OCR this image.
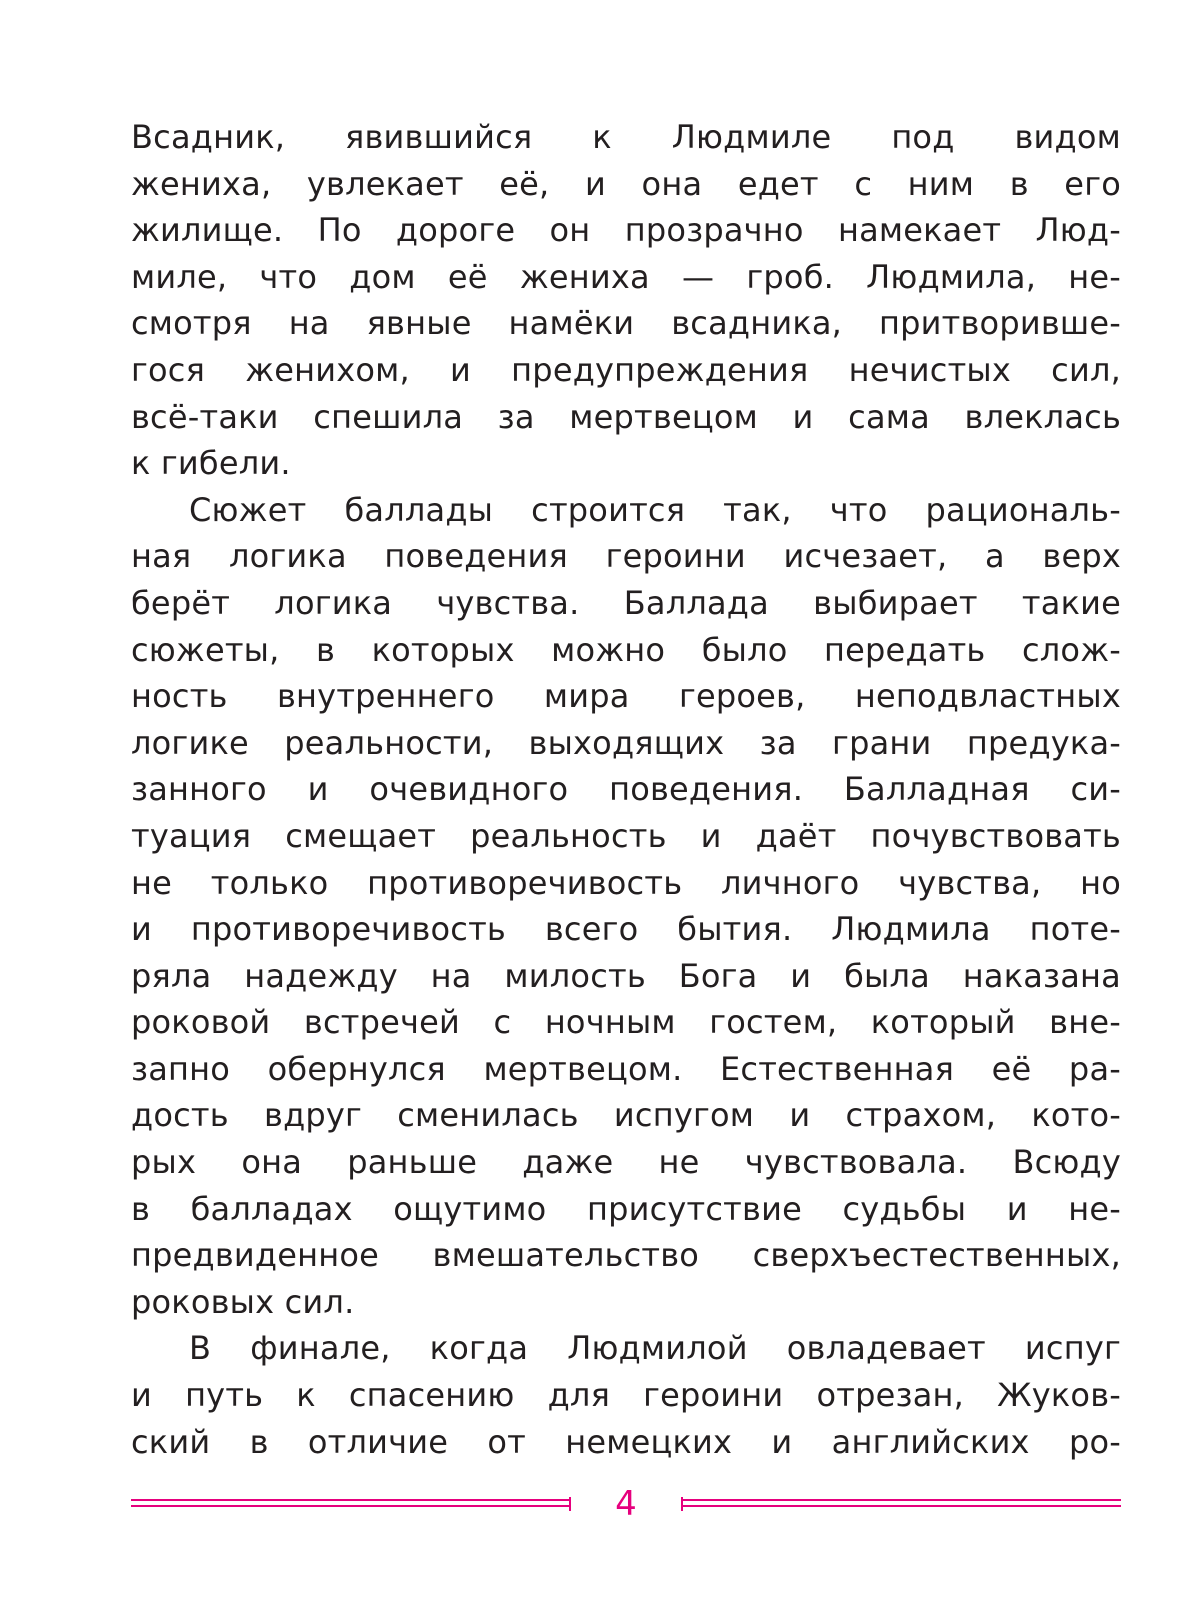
Всадник, явившийся к Людмиле под видом
жениха, увлекает её, и она едет с ним в его
жилище. По дороге он прозрачно намекает Люд-
миле, что дом её жениха — гроб. Людмила, не-
смотря на явные намёки всадника, притворивше-
гося женихом, и предупреждения нечистых сил,
всё-таки спешила за мертвецом и сама влеклась
к гибели.
Сюжет баллады строится так, что рациональ-
ная логика поведения героини исчезает, а верх
берёт логика чувства. Баллада выбирает такие
сюжеты, в которых можно было передать слож-
ность внутреннего мира героев, неподвластных
логике реальности, выходящих за грани предука-
занного и очевидного поведения. Балладная си-
туация смещает реальность и даёт почувствовать
не только противоречивость личного чувства, но
и противоречивость всего бытия. Людмила поте-
ряла надежду на милость Бога и была наказана
роковой встречей с ночным гостем, который вне-
запно обернулся мертвецом. Естественная её ра-
дость вдруг сменилась испугом и страхом, кото-
рых она раньше даже не чувствовала. Всюду
в балладах ощутимо присутствие судьбы и не-
предвиденное вмешательство сверхъестественных,
роковых сил.
В финале, когда Людмилой овладевает испуг
и путь к спасению для героини отрезан, Жуков-
ский в отличие от немецких и английских ро-
4
